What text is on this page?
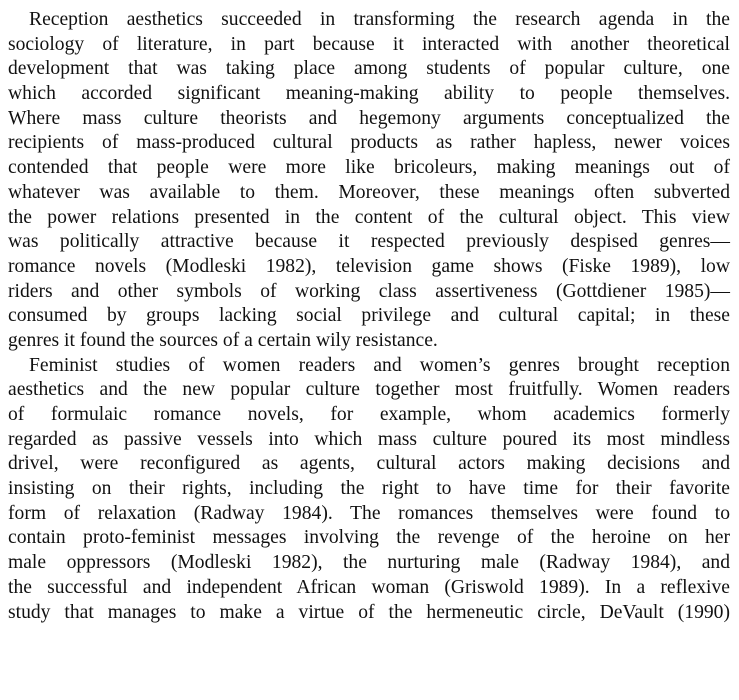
Reception aesthetics succeeded in transforming the research agenda in the
sociology of literature, in part because it interacted with another theoretical
development that was taking place among students of popular culture, one
which accorded significant meaning-making ability to people themselves.
Where mass culture theorists and hegemony arguments conceptualized the
recipients of mass-produced cultural products as rather hapless, newer voices
contended that people were more like bricoleurs, making meanings out of
whatever was available to them. Moreover, these meanings often subverted
the power relations presented in the content of the cultural object. This view
was politically attractive because it respected previously despised genres—
romance novels (Modleski 1982), television game shows (Fiske 1989), low
riders and other symbols of working class assertiveness (Gottdiener 1985)—
consumed by groups lacking social privilege and cultural capital; in these
genres it found the sources of a certain wily resistance.
Feminist studies of women readers and women’s genres brought reception
aesthetics and the new popular culture together most fruitfully. Women readers
of formulaic romance novels, for example, whom academics formerly
regarded as passive vessels into which mass culture poured its most mindless
drivel, were reconfigured as agents, cultural actors making decisions and
insisting on their rights, including the right to have time for their favorite
form of relaxation (Radway 1984). The romances themselves were found to
contain proto-feminist messages involving the revenge of the heroine on her
male oppressors (Modleski 1982), the nurturing male (Radway 1984), and
the successful and independent African woman (Griswold 1989). In a reflexive
study that manages to make a virtue of the hermeneutic circle, DeVault (1990)
